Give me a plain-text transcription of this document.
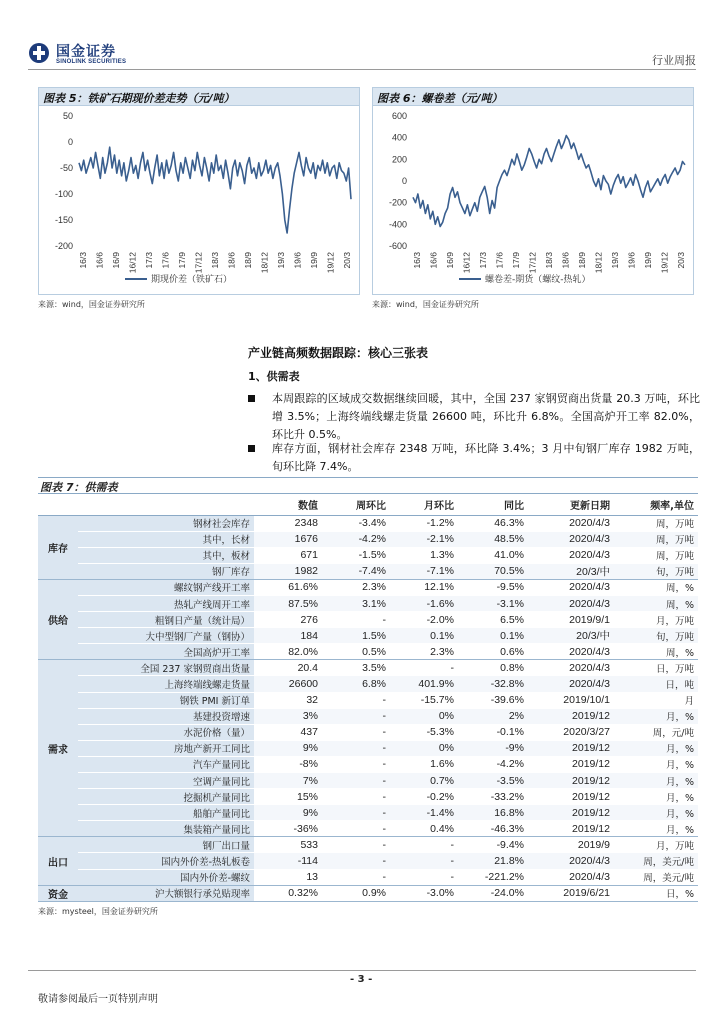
国金证券
SINOLINK SECURITIES	行业周报
图表 5：铁矿石期现价差走势（元/吨）
50
0
-50
-100
-150
-200
16/3 16/6 16/9 16/12 17/3 17/6 17/9 17/12 18/3 18/6 18/9 18/12 19/3 19/6 19/9 19/12 20/3
期现价差（铁矿石）
来源：wind，国金证券研究所
图表 6：螺卷差（元/吨）
600
400
200
0
-200
-400
-600
16/3 16/6 16/9 16/12 17/3 17/6 17/9 17/12 18/3 18/6 18/9 18/12 19/3 19/6 19/9 19/12 20/3
螺卷差-期货（螺纹-热轧）
来源：wind，国金证券研究所
产业链高频数据跟踪：核心三张表
1、供需表
本周跟踪的区域成交数据继续回暖，其中，全国 237 家钢贸商出货量 20.3 万吨，环比增 3.5%；上海终端线螺走货量 26600 吨，环比升 6.8%。全国高炉开工率 82.0%，环比升 0.5%。
库存方面，钢材社会库存 2348 万吨，环比降 3.4%；3 月中旬钢厂库存 1982 万吨，旬环比降 7.4%。
图表 7：供需表
		数值	周环比	月环比	同比	更新日期	频率,单位
库存	钢材社会库存	2348	-3.4%	-1.2%	46.3%	2020/4/3	周，万吨
	其中，长材	1676	-4.2%	-2.1%	48.5%	2020/4/3	周，万吨
	其中，板材	671	-1.5%	1.3%	41.0%	2020/4/3	周，万吨
	钢厂库存	1982	-7.4%	-7.1%	70.5%	20/3/中	旬，万吨
供给	螺纹钢产线开工率	61.6%	2.3%	12.1%	-9.5%	2020/4/3	周，%
	热轧产线周开工率	87.5%	3.1%	-1.6%	-3.1%	2020/4/3	周，%
	粗钢日产量（统计局）	276	-	-2.0%	6.5%	2019/9/1	月，万吨
	大中型钢厂产量（钢协）	184	1.5%	0.1%	0.1%	20/3/中	旬，万吨
	全国高炉开工率	82.0%	0.5%	2.3%	0.6%	2020/4/3	周，%
需求	全国 237 家钢贸商出货量	20.4	3.5%	-	0.8%	2020/4/3	日，万吨
	上海终端线螺走货量	26600	6.8%	401.9%	-32.8%	2020/4/3	日，吨
	钢铁 PMI 新订单	32	-	-15.7%	-39.6%	2019/10/1	月
	基建投资增速	3%	-	0%	2%	2019/12	月，%
	水泥价格（量）	437	-	-5.3%	-0.1%	2020/3/27	周，元/吨
	房地产新开工同比	9%	-	0%	-9%	2019/12	月，%
	汽车产量同比	-8%	-	1.6%	-4.2%	2019/12	月，%
	空调产量同比	7%	-	0.7%	-3.5%	2019/12	月，%
	挖掘机产量同比	15%	-	-0.2%	-33.2%	2019/12	月，%
	船舶产量同比	9%	-	-1.4%	16.8%	2019/12	月，%
	集装箱产量同比	-36%	-	0.4%	-46.3%	2019/12	月，%
出口	钢厂出口量	533	-	-	-9.4%	2019/9	月，万吨
	国内外价差-热轧板卷	-114	-	-	21.8%	2020/4/3	周，美元/吨
	国内外价差-螺纹	13	-	-	-221.2%	2020/4/3	周，美元/吨
资金	沪大额银行承兑贴现率	0.32%	0.9%	-3.0%	-24.0%	2019/6/21	日，%
来源：mysteel，国金证券研究所
- 3 -
敬请参阅最后一页特别声明
